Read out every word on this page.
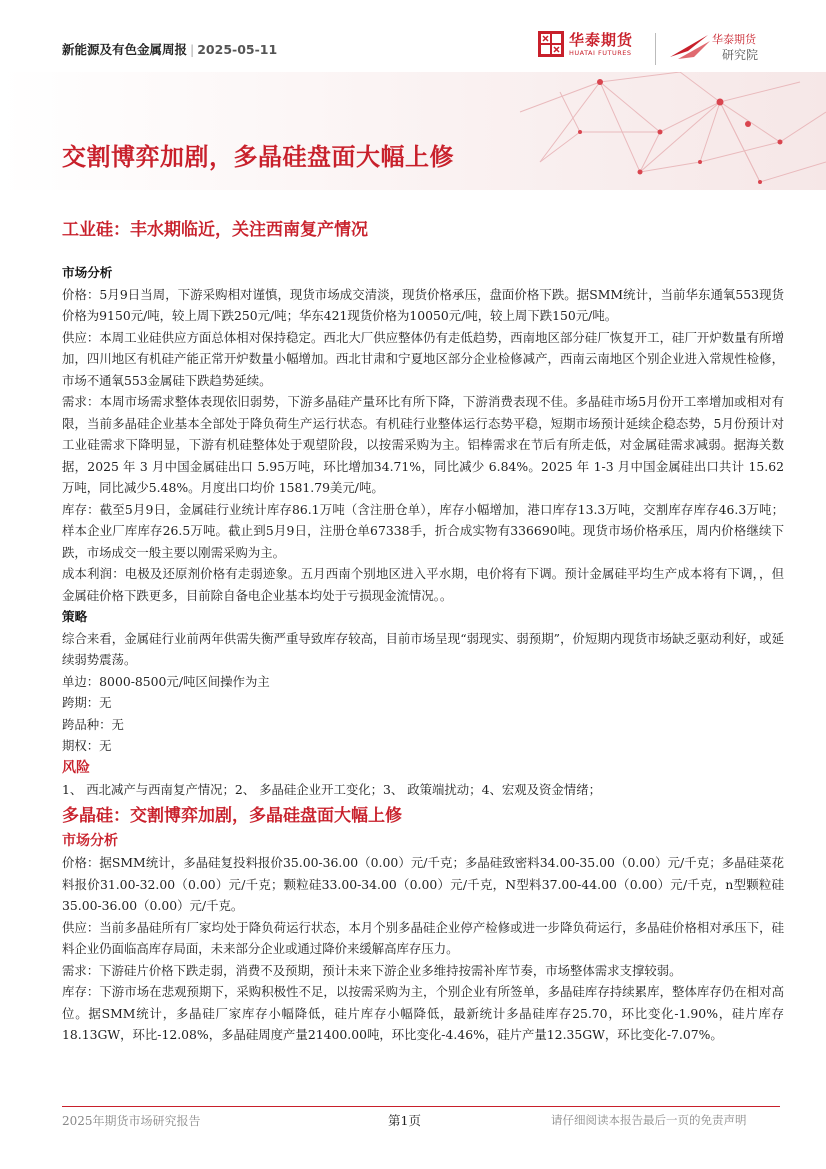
新能源及有色金属周报 | 2025-05-11
华泰期货
HUATAI FUTURES
华泰期货
研究院
交割博弈加剧，多晶硅盘面大幅上修
工业硅：丰水期临近，关注西南复产情况

市场分析

价格：5月9日当周，下游采购相对谨慎，现货市场成交清淡，现货价格承压，盘面价格下跌。据SMM统计，当前华东通氧553现货价格为9150元/吨，较上周下跌250元/吨；华东421现货价格为10050元/吨，较上周下跌150元/吨。

供应：本周工业硅供应方面总体相对保持稳定。西北大厂供应整体仍有走低趋势，西南地区部分硅厂恢复开工，硅厂开炉数量有所增加，四川地区有机硅产能正常开炉数量小幅增加。西北甘肃和宁夏地区部分企业检修减产，西南云南地区个别企业进入常规性检修，市场不通氧553金属硅下跌趋势延续。

需求：本周市场需求整体表现依旧弱势，下游多晶硅产量环比有所下降，下游消费表现不佳。多晶硅市场5月份开工率增加或相对有限，当前多晶硅企业基本全部处于降负荷生产运行状态。有机硅行业整体运行态势平稳，短期市场预计延续企稳态势，5月份预计对工业硅需求下降明显，下游有机硅整体处于观望阶段，以按需采购为主。铝棒需求在节后有所走低，对金属硅需求减弱。据海关数据，2025 年 3 月中国金属硅出口 5.95万吨，环比增加34.71%，同比减少 6.84%。2025 年 1-3 月中国金属硅出口共计 15.62 万吨，同比减少5.48%。月度出口均价 1581.79美元/吨。

库存：截至5月9日，金属硅行业统计库存86.1万吨（含注册仓单），库存小幅增加，港口库存13.3万吨，交割库存库存46.3万吨；样本企业厂库库存26.5万吨。截止到5月9日，注册仓单67338手，折合成实物有336690吨。现货市场价格承压，周内价格继续下跌，市场成交一般主要以刚需采购为主。

成本利润：电极及还原剂价格有走弱迹象。五月西南个别地区进入平水期，电价将有下调。预计金属硅平均生产成本将有下调，，但金属硅价格下跌更多，目前除自备电企业基本均处于亏损现金流情况。。

策略

综合来看，金属硅行业前两年供需失衡严重导致库存较高，目前市场呈现“弱现实、弱预期”，价短期内现货市场缺乏驱动利好，或延续弱势震荡。

单边：8000-8500元/吨区间操作为主

跨期：无

跨品种：无

期权：无

风险

1、 西北减产与西南复产情况；2、 多晶硅企业开工变化；3、 政策端扰动；4、宏观及资金情绪；

多晶硅：交割博弈加剧，多晶硅盘面大幅上修

市场分析

价格：据SMM统计，多晶硅复投料报价35.00-36.00（0.00）元/千克；多晶硅致密料34.00-35.00（0.00）元/千克；多晶硅菜花料报价31.00-32.00（0.00）元/千克；颗粒硅33.00-34.00（0.00）元/千克，N型料37.00-44.00（0.00）元/千克，n型颗粒硅35.00-36.00（0.00）元/千克。

供应：当前多晶硅所有厂家均处于降负荷运行状态，本月个别多晶硅企业停产检修或进一步降负荷运行，多晶硅价格相对承压下，硅料企业仍面临高库存局面，未来部分企业或通过降价来缓解高库存压力。

需求：下游硅片价格下跌走弱，消费不及预期，预计未来下游企业多维持按需补库节奏，市场整体需求支撑较弱。

库存：下游市场在悲观预期下，采购积极性不足，以按需采购为主，个别企业有所签单，多晶硅库存持续累库，整体库存仍在相对高位。据SMM统计，多晶硅厂家库存小幅降低，硅片库存小幅降低，最新统计多晶硅库存25.70，环比变化-1.90%，硅片库存18.13GW，环比-12.08%，多晶硅周度产量21400.00吨，环比变化-4.46%，硅片产量12.35GW，环比变化-7.07%。

2025年期货市场研究报告	第1页	请仔细阅读本报告最后一页的免责声明
